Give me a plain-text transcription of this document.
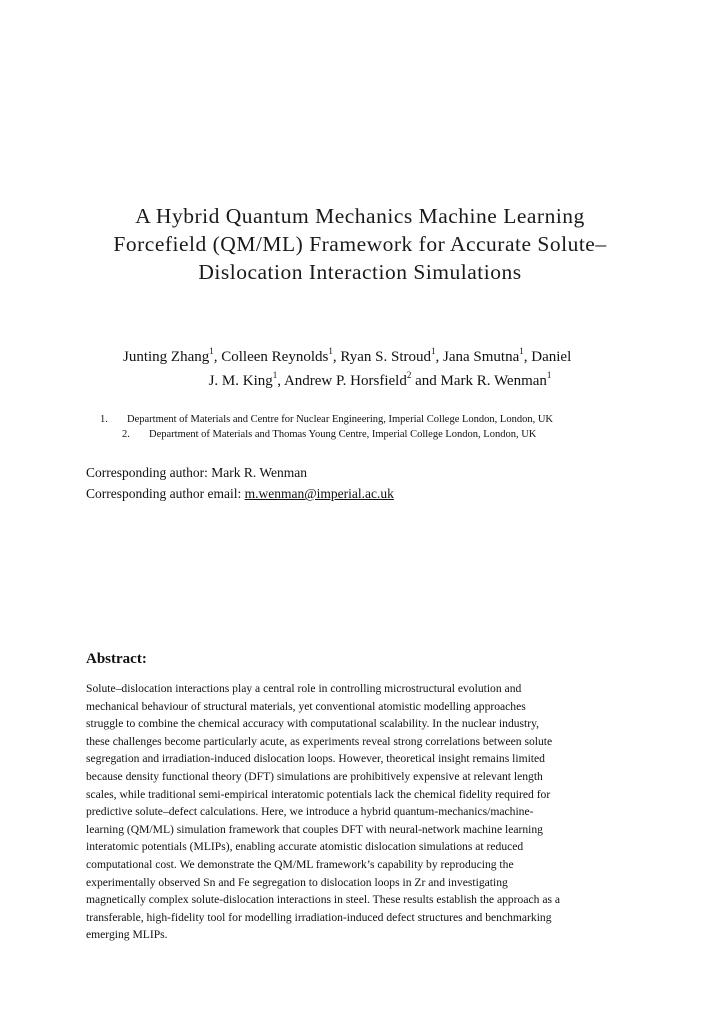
A Hybrid Quantum Mechanics Machine Learning
Forcefield (QM/ML) Framework for Accurate Solute–
Dislocation Interaction Simulations
Junting Zhang$^1$, Colleen Reynolds$^1$, Ryan S. Stroud$^1$, Jana Smutna$^1$, Daniel
J. M. King$^1$, Andrew P. Horsfield$^2$ and Mark R. Wenman$^1$
1. Department of Materials and Centre for Nuclear Engineering, Imperial College London, London, UK
2. Department of Materials and Thomas Young Centre, Imperial College London, London, UK
Corresponding author: Mark R. Wenman
Corresponding author email: m.wenman@imperial.ac.uk
Abstract:
Solute–dislocation interactions play a central role in controlling microstructural evolution and
mechanical behaviour of structural materials, yet conventional atomistic modelling approaches
struggle to combine the chemical accuracy with computational scalability. In the nuclear industry,
these challenges become particularly acute, as experiments reveal strong correlations between solute
segregation and irradiation-induced dislocation loops. However, theoretical insight remains limited
because density functional theory (DFT) simulations are prohibitively expensive at relevant length
scales, while traditional semi-empirical interatomic potentials lack the chemical fidelity required for
predictive solute–defect calculations. Here, we introduce a hybrid quantum-mechanics/machine-
learning (QM/ML) simulation framework that couples DFT with neural-network machine learning
interatomic potentials (MLIPs), enabling accurate atomistic dislocation simulations at reduced
computational cost. We demonstrate the QM/ML framework’s capability by reproducing the
experimentally observed Sn and Fe segregation to dislocation loops in Zr and investigating
magnetically complex solute-dislocation interactions in steel. These results establish the approach as a
transferable, high-fidelity tool for modelling irradiation-induced defect structures and benchmarking
emerging MLIPs.
